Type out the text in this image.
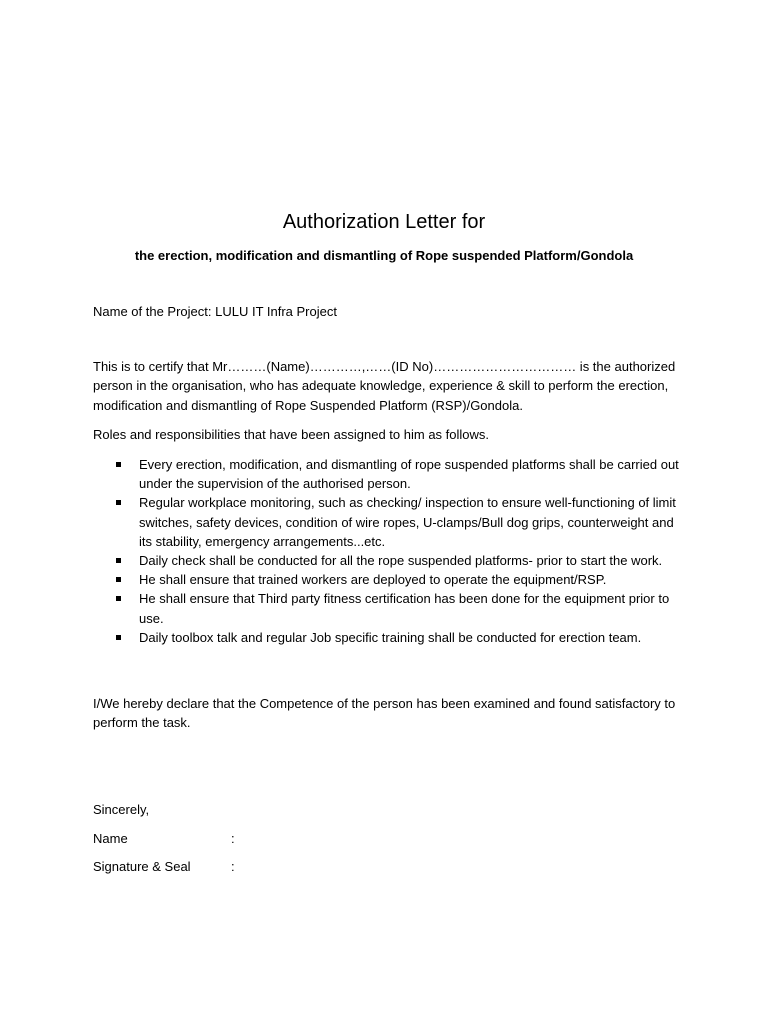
Authorization Letter for
the erection, modification and dismantling of Rope suspended Platform/Gondola
Name of the Project: LULU IT Infra Project

This is to certify that Mr………(Name)…………,……(ID No)…………………………… is the authorized person in the organisation, who has adequate knowledge, experience & skill to perform the erection, modification and dismantling of Rope Suspended Platform (RSP)/Gondola.

Roles and responsibilities that have been assigned to him as follows.

Every erection, modification, and dismantling of rope suspended platforms shall be carried out under the supervision of the authorised person.
Regular workplace monitoring, such as checking/ inspection to ensure well-functioning of limit switches, safety devices, condition of wire ropes, U-clamps/Bull dog grips, counterweight and its stability, emergency arrangements...etc.
Daily check shall be conducted for all the rope suspended platforms- prior to start the work.
He shall ensure that trained workers are deployed to operate the equipment/RSP.
He shall ensure that Third party fitness certification has been done for the equipment prior to use.
Daily toolbox talk and regular Job specific training shall be conducted for erection team.

I/We hereby declare that the Competence of the person has been examined and found satisfactory to perform the task.

Sincerely,
Name	:
Signature & Seal	:
